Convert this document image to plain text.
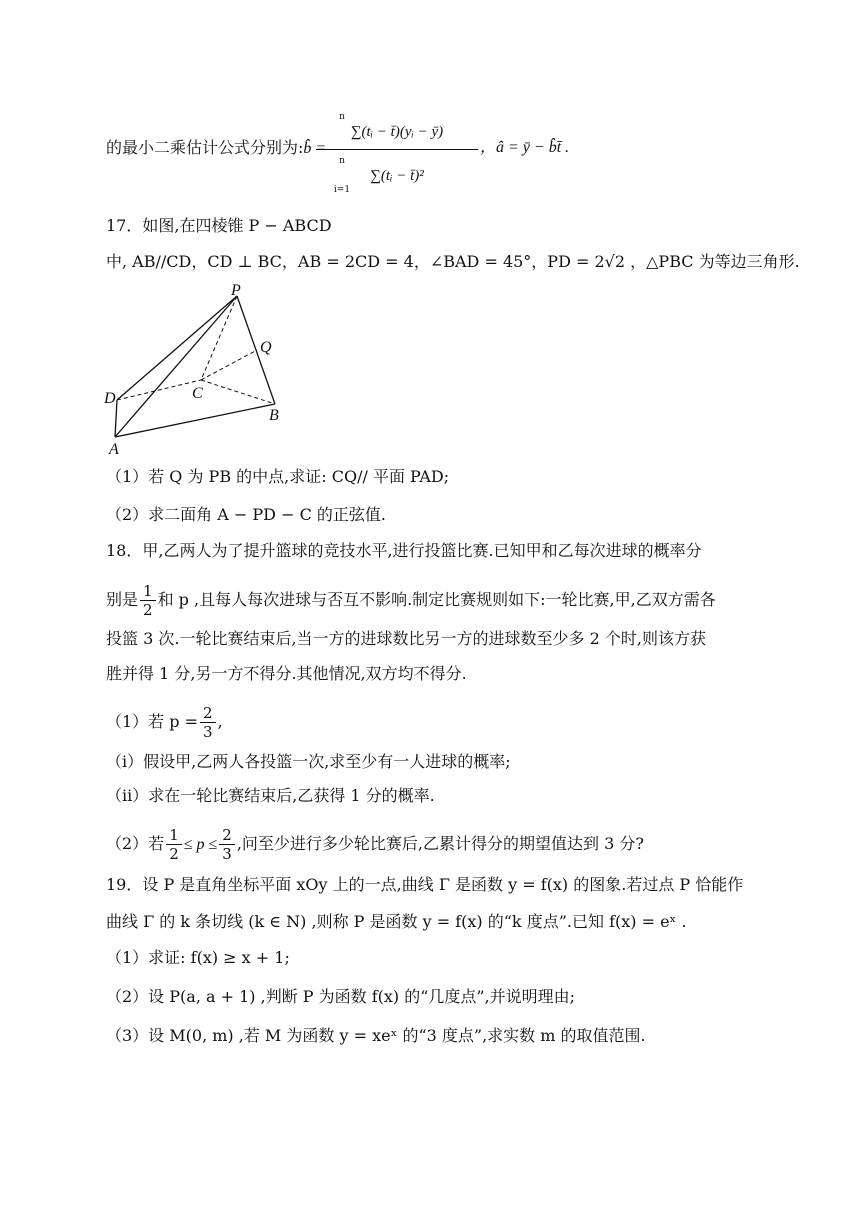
的最小二乘估计公式分别为:b̂ =
n
∑(tᵢ − t̄)(yᵢ − ȳ)
n
∑(tᵢ − t̄)²
i=1 ，â = ȳ − b̂t̄ .
17．如图,在四棱锥 P − ABCD
中, AB//CD，CD ⊥ BC，AB = 2CD = 4，∠BAD = 45°，PD = 2√2 ，△PBC 为等边三角形.
P
Q
D	C
B
A
（1）若 Q 为 PB 的中点,求证: CQ// 平面 PAD;
（2）求二面角 A − PD − C 的正弦值.
18．甲,乙两人为了提升篮球的竞技水平,进行投篮比赛.已知甲和乙每次进球的概率分
别是 $\frac{1}{2}$ 和 p ,且每人每次进球与否互不影响.制定比赛规则如下:一轮比赛,甲,乙双方需各
投篮 3 次.一轮比赛结束后,当一方的进球数比另一方的进球数至少多 2 个时,则该方获
胜并得 1 分,另一方不得分.其他情况,双方均不得分.
（1）若 $p = \frac{2}{3}$ ,
（i）假设甲,乙两人各投篮一次,求至少有一人进球的概率;
（ii）求在一轮比赛结束后,乙获得 1 分的概率.
（2）若 $\frac{1}{2} \le p \le \frac{2}{3}$ ,问至少进行多少轮比赛后,乙累计得分的期望值达到 3 分?
19．设 P 是直角坐标平面 xOy 上的一点,曲线 Γ 是函数 y = f(x) 的图象.若过点 P 恰能作
曲线 Γ 的 k 条切线 (k ∈ N) ,则称 P 是函数 y = f(x) 的“k 度点”.已知 f(x) = eˣ .
（1）求证: f(x) ≥ x + 1;
（2）设 P(a, a + 1) ,判断 P 为函数 f(x) 的“几度点”,并说明理由;
（3）设 M(0, m) ,若 M 为函数 y = xeˣ 的“3 度点”,求实数 m 的取值范围.
